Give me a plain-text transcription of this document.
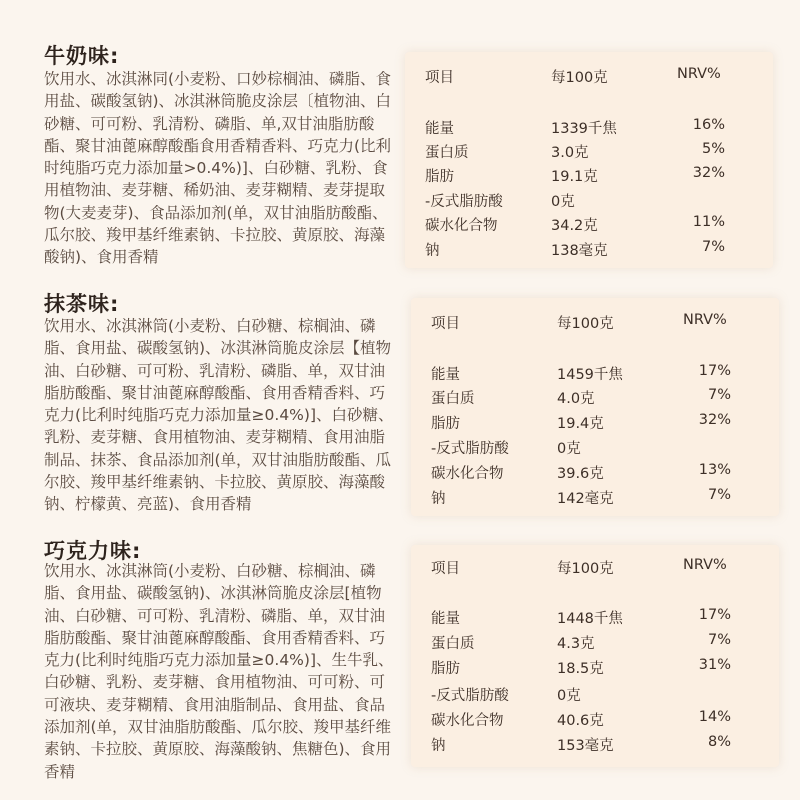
牛奶味:
饮用水、冰淇淋同(小麦粉、口妙棕榈油、磷脂、食用盐、碳酸氢钠)、冰淇淋筒脆皮涂层〔植物油、白砂糖、可可粉、乳清粉、磷脂、单,双甘油脂肪酸酯、聚甘油蓖麻醇酸酯食用香精香料、巧克力(比利时纯脂巧克力添加量>0.4%)]、白砂糖、乳粉、食用植物油、麦芽糖、稀奶油、麦芽糊精、麦芽提取物(大麦麦芽)、食品添加剂(单，双甘油脂肪酸酯、瓜尔胶、羧甲基纤维素钠、卡拉胶、黄原胶、海藻酸钠)、食用香精
项目	每100克	NRV%
能量	1339千焦	16%
蛋白质	3.0克	5%
脂肪	19.1克	32%
-反式脂肪酸	0克
碳水化合物	34.2克	11%
钠	138毫克	7%
抹茶味:
饮用水、冰淇淋筒(小麦粉、白砂糖、棕榈油、磷脂、食用盐、碳酸氢钠)、冰淇淋筒脆皮涂层【植物油、白砂糖、可可粉、乳清粉、磷脂、单，双甘油脂肪酸酯、聚甘油蓖麻醇酸酯、食用香精香料、巧克力(比利时纯脂巧克力添加量≥0.4%)]、白砂糖、乳粉、麦芽糖、食用植物油、麦芽糊精、食用油脂制品、抹茶、食品添加剂(单，双甘油脂肪酸酯、瓜尔胶、羧甲基纤维素钠、卡拉胶、黄原胶、海藻酸钠、柠檬黄、亮蓝)、食用香精
项目	每100克	NRV%
能量	1459千焦	17%
蛋白质	4.0克	7%
脂肪	19.4克	32%
-反式脂肪酸	0克
碳水化合物	39.6克	13%
钠	142毫克	7%
巧克力味:
饮用水、冰淇淋筒(小麦粉、白砂糖、棕榈油、磷脂、食用盐、碳酸氢钠)、冰淇淋筒脆皮涂层[植物油、白砂糖、可可粉、乳清粉、磷脂、单，双甘油脂肪酸酯、聚甘油蓖麻醇酸酯、食用香精香料、巧克力(比利时纯脂巧克力添加量≥0.4%)]、生牛乳、白砂糖、乳粉、麦芽糖、食用植物油、可可粉、可可液块、麦芽糊精、食用油脂制品、食用盐、食品添加剂(单，双甘油脂肪酸酯、瓜尔胶、羧甲基纤维素钠、卡拉胶、黄原胶、海藻酸钠、焦糖色)、食用香精
项目	每100克	NRV%
能量	1448千焦	17%
蛋白质	4.3克	7%
脂肪	18.5克	31%
-反式脂肪酸	0克
碳水化合物	40.6克	14%
钠	153毫克	8%
